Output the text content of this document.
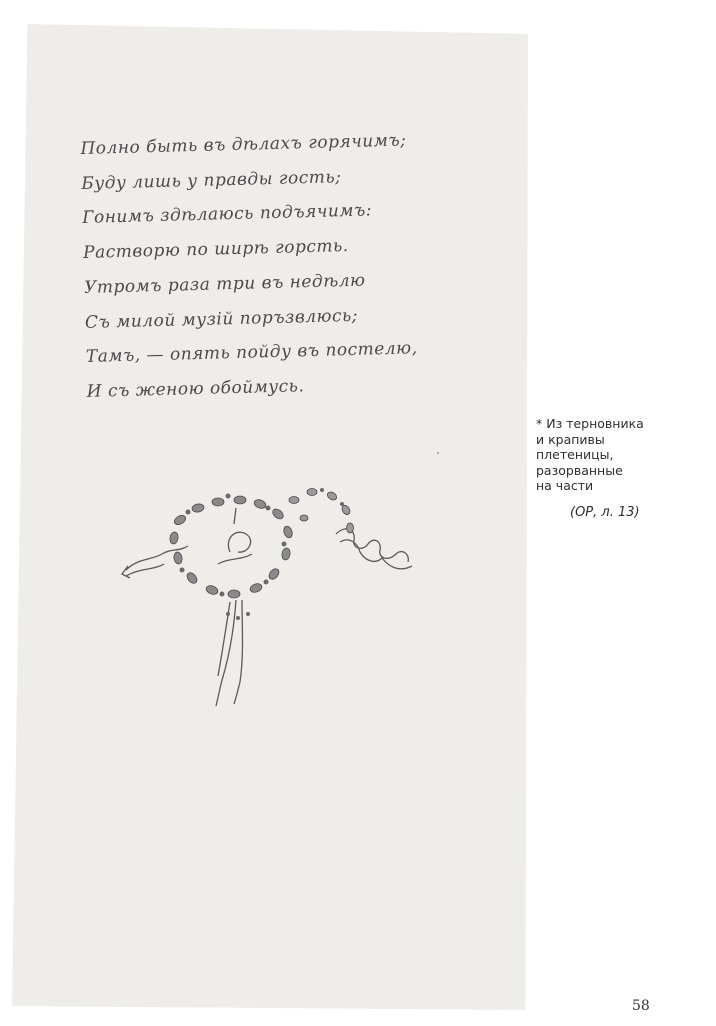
Полно быть въ дѣлахъ горячимъ;
Буду лишь у правды гость;
Гонимъ здѣлаюсь подъячимъ:
Растворю по ширѣ горсть.
Утромъ раза три въ недѣлю
Съ милой музій поръзвлюсь;
Тамъ, — опять пойду въ постелю,
И съ женою обоймусь.
* Из терновника
и крапивы
плетеницы,
разорванные
на части
(ОР, л. 13)
58
